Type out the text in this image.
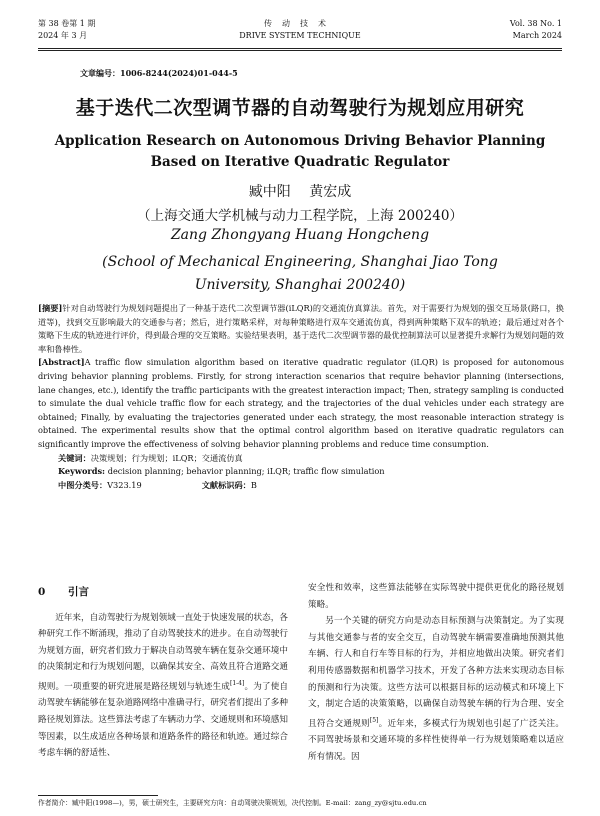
第 38 卷第 1 期
2024 年 3 月
传动技术
DRIVE SYSTEM TECHNIQUE
Vol. 38 No. 1
March 2024
文章编号：1006-8244(2024)01-044-5
基于迭代二次型调节器的自动驾驶行为规划应用研究
Application Research on Autonomous Driving Behavior Planning Based on Iterative Quadratic Regulator
臧中阳 黄宏成
（上海交通大学机械与动力工程学院，上海 200240）
Zang Zhongyang Huang Hongcheng
(School of Mechanical Engineering, Shanghai Jiao Tong University, Shanghai 200240)

[摘要]针对自动驾驶行为规划问题提出了一种基于迭代二次型调节器(iLQR)的交通流仿真算法。首先，对于需要行为规划的强交互场景(路口，换道等)，找到交互影响最大的交通参与者；然后，进行策略采样，对每种策略进行双车交通流仿真，得到两种策略下双车的轨迹；最后通过对各个策略下生成的轨迹进行评价，得到最合理的交互策略。实验结果表明，基于迭代二次型调节器的最优控制算法可以显著提升求解行为规划问题的效率和鲁棒性。

[Abstract]A traffic flow simulation algorithm based on iterative quadratic regulator (iLQR) is proposed for autonomous driving behavior planning problems. Firstly, for strong interaction scenarios that require behavior planning (intersections, lane changes, etc.), identify the traffic participants with the greatest interaction impact; Then, strategy sampling is conducted to simulate the dual vehicle traffic flow for each strategy, and the trajectories of the dual vehicles under each strategy are obtained; Finally, by evaluating the trajectories generated under each strategy, the most reasonable interaction strategy is obtained. The experimental results show that the optimal control algorithm based on iterative quadratic regulators can significantly improve the effectiveness of solving behavior planning problems and reduce time consumption.

关键词：决策规划；行为规划；iLQR；交通流仿真

Keywords: decision planning; behavior planning; iLQR; traffic flow simulation

中图分类号：V323.19	文献标识码：B

0 引言

近年来，自动驾驶行为规划领域一直处于快速发展的状态，各种研究工作不断涌现，推动了自动驾驶技术的进步。在自动驾驶行为规划方面，研究者们致力于解决自动驾驶车辆在复杂交通环境中的决策制定和行为规划问题，以确保其安全、高效且符合道路交通规则。一项重要的研究进展是路径规划与轨迹生成[1-4]。为了使自动驾驶车辆能够在复杂道路网络中准确寻行，研究者们提出了多种路径规划算法。这些算法考虑了车辆动力学、交通规则和环境感知等因素，以生成适应各种场景和道路条件的路径和轨迹。通过综合考虑车辆的舒适性、

安全性和效率，这些算法能够在实际驾驶中提供更优化的路径规划策略。

另一个关键的研究方向是动态目标预测与决策制定。为了实现与其他交通参与者的安全交互，自动驾驶车辆需要准确地预测其他车辆、行人和自行车等目标的行为，并相应地做出决策。研究者们利用传感器数据和机器学习技术，开发了各种方法来实现动态目标的预测和行为决策。这些方法可以根据目标的运动模式和环境上下文，制定合适的决策策略，以确保自动驾驶车辆的行为合理、安全且符合交通规则[5]。近年来，多模式行为规划也引起了广泛关注。不同驾驶场景和交通环境的多样性使得单一行为规划策略难以适应所有情况。因

作者简介：臧中阳(1998—)，男，硕士研究生，主要研究方向：自动驾驶决策规划，决代控制。E-mail：zang_zy@sjtu.edu.cn
